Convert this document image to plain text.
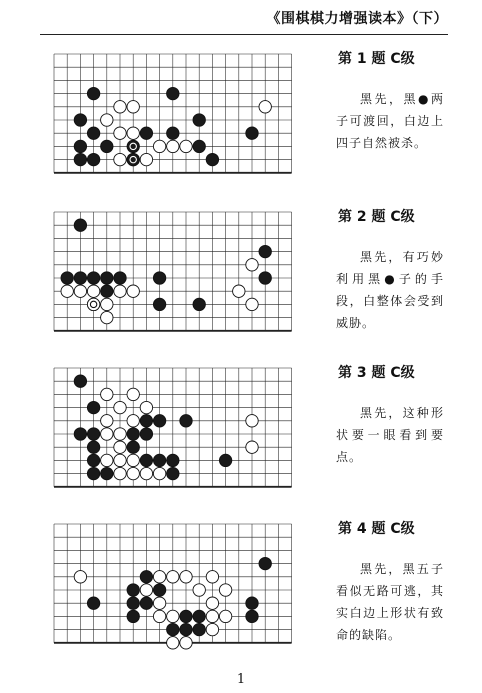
《围棋棋力增强读本》（下）
第 1 题 C级
黑先，黑●两子可渡回，白边上四子自然被杀。
第 2 题 C级
黑先，有巧妙利用黑●子的手段，白整体会受到威胁。
第 3 题 C级
黑先，这种形状要一眼看到要点。
第 4 题 C级
黑先，黑五子看似无路可逃，其实白边上形状有致命的缺陷。
1
